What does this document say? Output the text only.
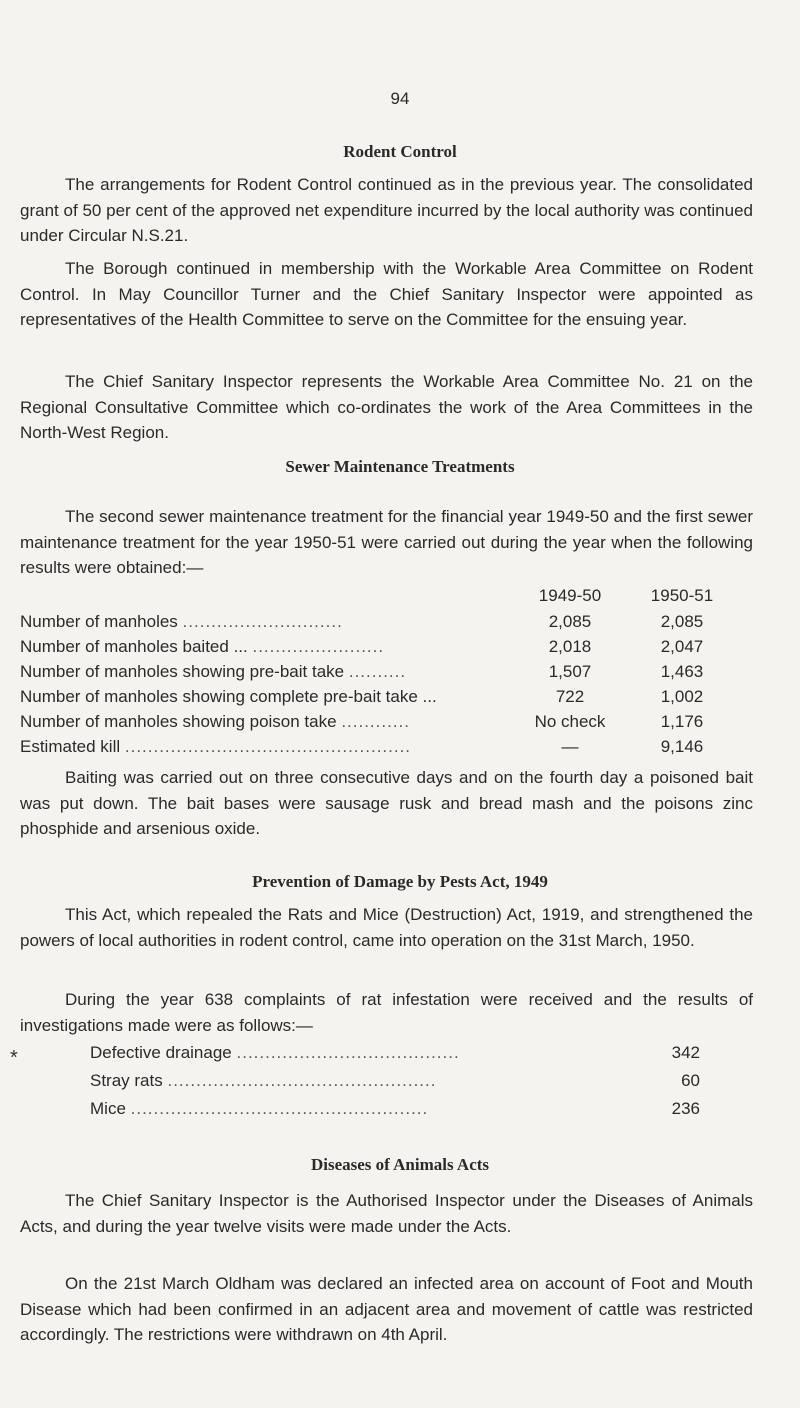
94
Rodent Control

The arrangements for Rodent Control continued as in the previous year. The consolidated grant of 50 per cent of the approved net expenditure incurred by the local authority was continued under Circular N.S.21.

The Borough continued in membership with the Workable Area Committee on Rodent Control. In May Councillor Turner and the Chief Sanitary Inspector were appointed as representatives of the Health Committee to serve on the Committee for the ensuing year.

The Chief Sanitary Inspector represents the Workable Area Committee No. 21 on the Regional Consultative Committee which co-ordinates the work of the Area Committees in the North-West Region.

Sewer Maintenance Treatments

The second sewer maintenance treatment for the financial year 1949-50 and the first sewer maintenance treatment for the year 1950-51 were carried out during the year when the following results were obtained:—

1949-50	1950-51
Number of manholes ............................	2,085	2,085
Number of manholes baited ... .......................	2,018	2,047
Number of manholes showing pre-bait take ..........	1,507	1,463
Number of manholes showing complete pre-bait take ...	722	1,002
Number of manholes showing poison take ............	No check	1,176
Estimated kill ..................................................	—	9,146

Baiting was carried out on three consecutive days and on the fourth day a poisoned bait was put down. The bait bases were sausage rusk and bread mash and the poisons zinc phosphide and arsenious oxide.

Prevention of Damage by Pests Act, 1949

This Act, which repealed the Rats and Mice (Destruction) Act, 1919, and strengthened the powers of local authorities in rodent control, came into operation on the 31st March, 1950.

During the year 638 complaints of rat infestation were received and the results of investigations made were as follows:—

Defective drainage .......................................	342
Stray rats ...............................................	60
Mice ....................................................	236
*
Diseases of Animals Acts

The Chief Sanitary Inspector is the Authorised Inspector under the Diseases of Animals Acts, and during the year twelve visits were made under the Acts.

On the 21st March Oldham was declared an infected area on account of Foot and Mouth Disease which had been confirmed in an adjacent area and movement of cattle was restricted accordingly. The restrictions were withdrawn on 4th April.
